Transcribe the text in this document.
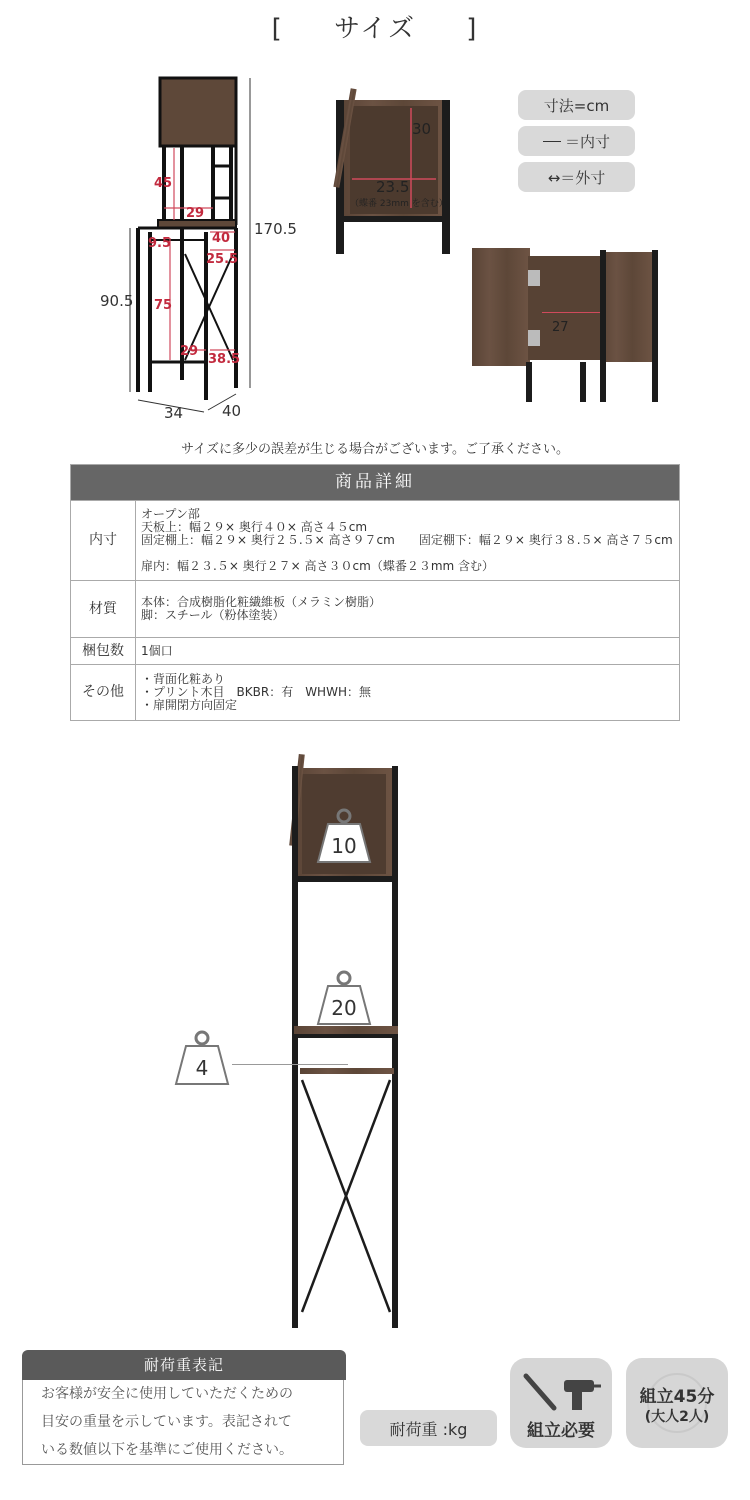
[ サイズ ]
45
29
9.5	40
25.5
75
29
38.5
170.5
90.5
34	40
30
23.5
（蝶番 23mm を含む）
寸法=cm
＝内寸
↔＝外寸
27
サイズに多少の誤差が生じる場合がございます。ご了承ください。
商品詳細	
内寸	オープン部
天板上：幅２９× 奥行４０× 高さ４５cm
固定棚上：幅２９× 奥行２５.５× 高さ９７cm　　固定棚下：幅２９× 奥行３８.５× 高さ７５cm
扉内：幅２３.５× 奥行２７× 高さ３０cm（蝶番２３mm 含む）

材質	本体：合成樹脂化粧繊維板（メラミン樹脂）
脚：スチール（粉体塗装）

梱包数	1個口

その他	・背面化粧あり
・プリント木目　BKBR：有　WHWH：無
・扉開閉方向固定
10
20
4
耐荷重表記
お客様が安全に使用していただくための
目安の重量を示しています。表記されて
いる数値以下を基準にご使用ください。
耐荷重 :kg	組立必要
組立45分
(大人2人)
